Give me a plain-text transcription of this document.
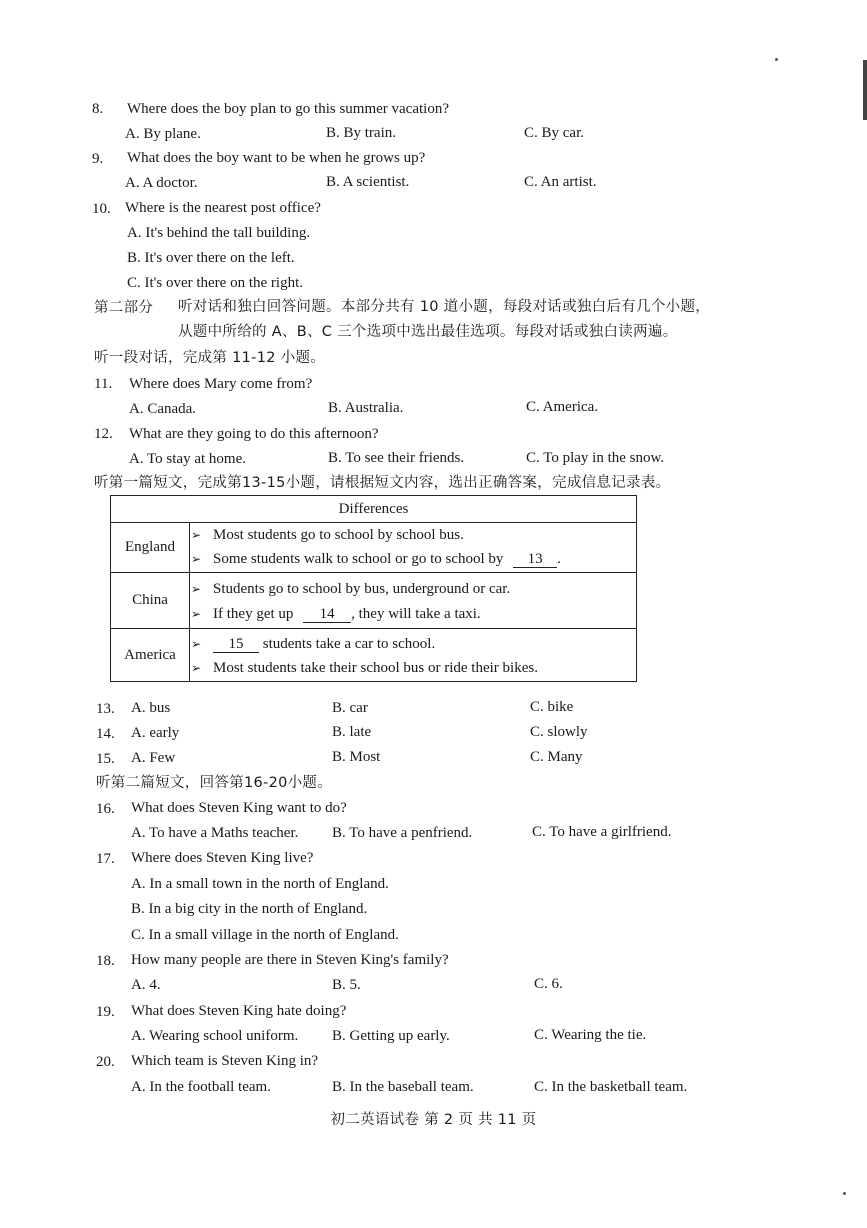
8. Where does the boy plan to go this summer vacation?
A. By plane.	B. By train.	C. By car.
9. What does the boy want to be when he grows up?
A. A doctor.	B. A scientist.	C. An artist.
10. Where is the nearest post office?
A. It's behind the tall building.
B. It's over there on the left.
C. It's over there on the right.
第二部分 听对话和独白回答问题。本部分共有 10 道小题，每段对话或独白后有几个小题，
从题中所给的 A、B、C 三个选项中选出最佳选项。每段对话或独白读两遍。
听一段对话，完成第 11-12 小题。
11. Where does Mary come from?
A. Canada.	B. Australia.	C. America.
12. What are they going to do this afternoon?
A. To stay at home.	B. To see their friends.	C. To play in the snow.
听第一篇短文，完成第13-15小题，请根据短文内容，选出正确答案，完成信息记录表。
Differences
England
➢ Most students go to school by school bus.
➢ Some students walk to school or go to school by 13 .
China
➢ Students go to school by bus, underground or car.
➢ If they get up 14 , they will take a taxi.
America
➢ 15 students take a car to school.
➢ Most students take their school bus or ride their bikes.
13. A. bus	B. car	C. bike
14. A. early	B. late	C. slowly
15. A. Few	B. Most	C. Many
听第二篇短文，回答第16-20小题。
16. What does Steven King want to do?
A. To have a Maths teacher. B. To have a penfriend.	C. To have a girlfriend.
17. Where does Steven King live?
A. In a small town in the north of England.
B. In a big city in the north of England.
C. In a small village in the north of England.
18. How many people are there in Steven King's family?
A. 4.	B. 5.	C. 6.
19. What does Steven King hate doing?
A. Wearing school uniform. B. Getting up early.	C. Wearing the tie.
20. Which team is Steven King in?
A. In the football team.	B. In the baseball team.	C. In the basketball team.
初二英语试卷 第 2 页 共 11 页
